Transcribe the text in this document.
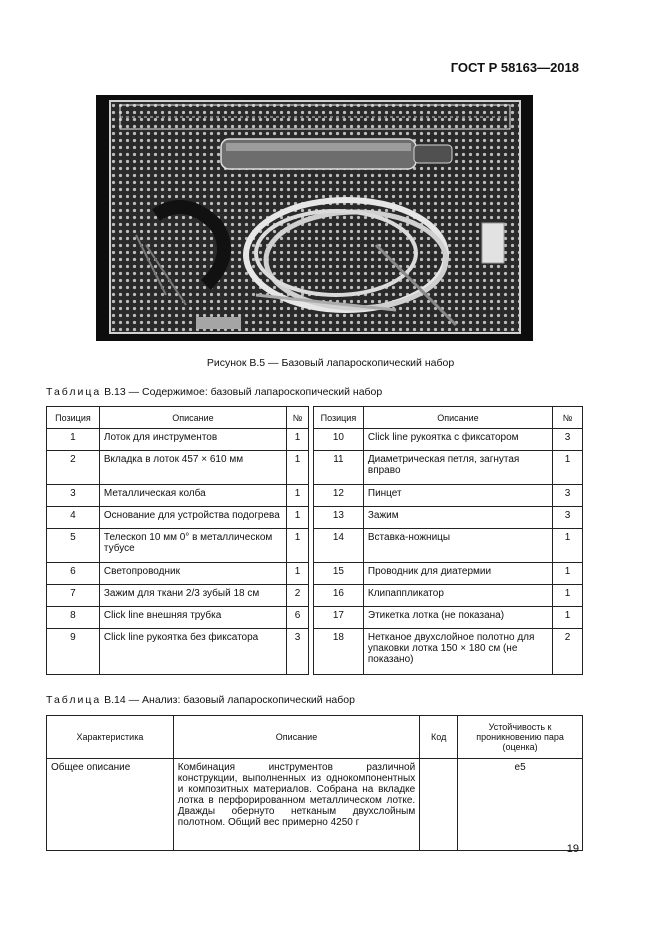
ГОСТ Р 58163—2018
Рисунок В.5 — Базовый лапароскопический набор
Таблица В.13 — Содержимое: базовый лапароскопический набор
Позиция	Описание	№		Позиция	Описание	№
1	Лоток для инструментов	1		10	Click line рукоятка с фиксатором	3
2	Вкладка в лоток 457 × 610 мм	1		11	Диаметрическая петля, загнутая вправо	1
3	Металлическая колба	1		12	Пинцет	3
4	Основание для устройства подогрева	1		13	Зажим	3
5	Телескоп 10 мм 0° в металлическом тубусе	1		14	Вставка-ножницы	1
6	Светопроводник	1		15	Проводник для диатермии	1
7	Зажим для ткани 2/3 зубый 18 см	2		16	Клипаппликатор	1
8	Click line внешняя трубка	6		17	Этикетка лотка (не показана)	1
9	Click line рукоятка без фиксатора	3		18	Нетканое двухслойное полотно для упаковки лотка 150 × 180 см (не показано)	2
Таблица В.14 — Анализ: базовый лапароскопический набор
Характеристика	Описание	Код	Устойчивость к проникновению пара (оценка)
Общее описание	Комбинация инструментов различной конструкции, выполненных из однокомпонентных и композитных материалов. Собрана на вкладке лотка в перфорированном металлическом лотке. Дважды обернуто нетканым двухслойным полотном. Общий вес примерно 4250 г		e5
19
